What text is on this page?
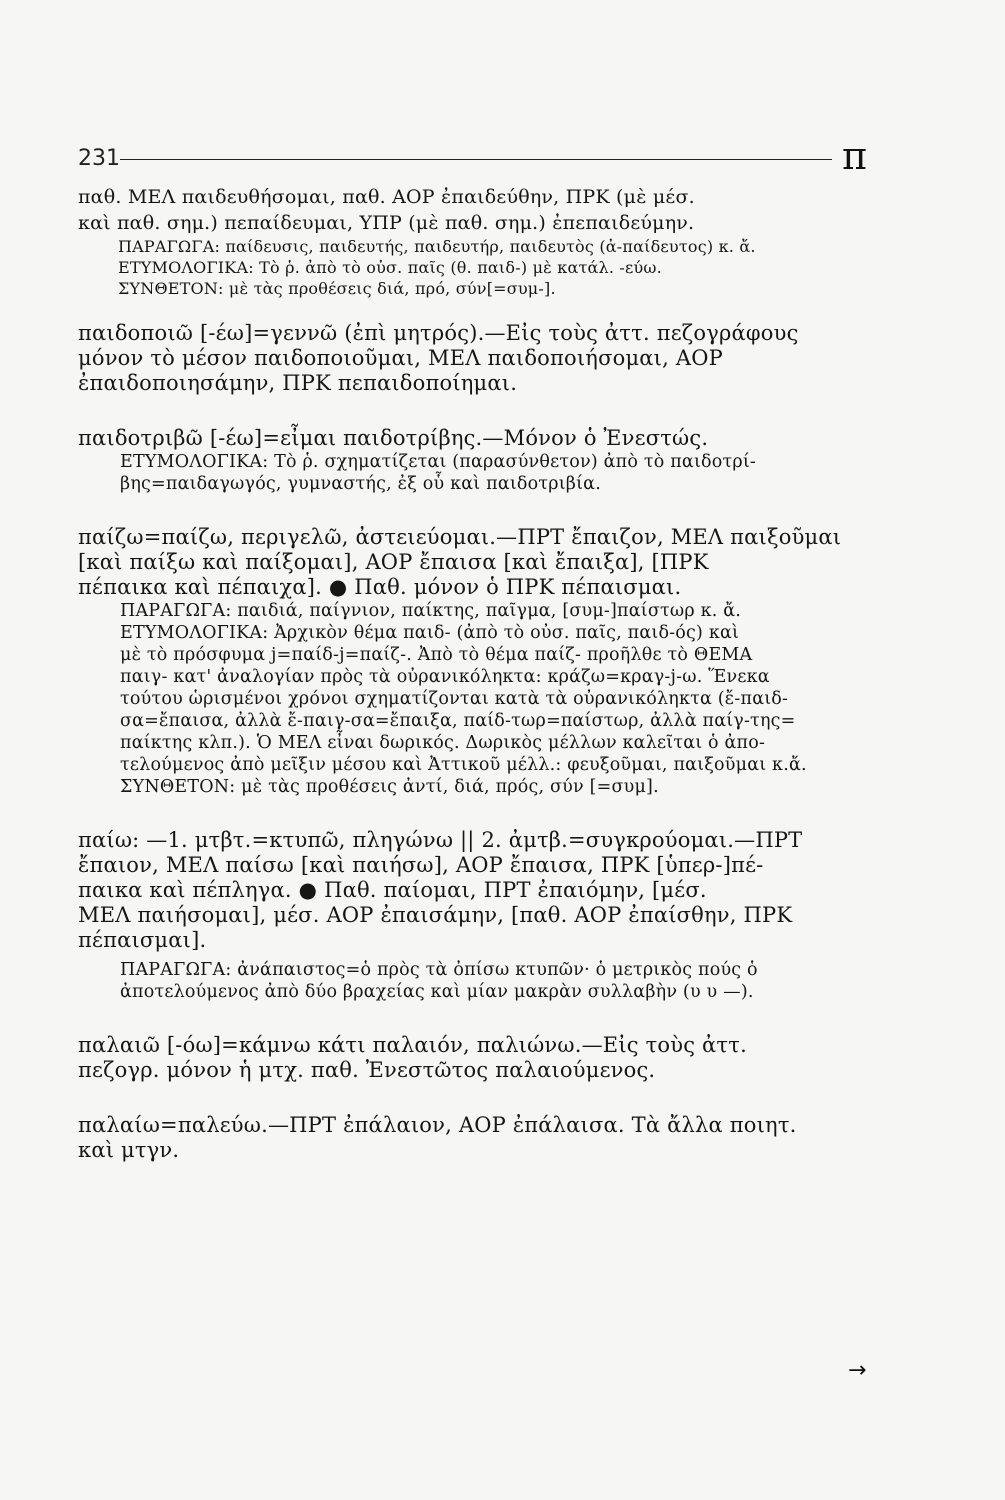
231	π
παθ. ΜΕΛ παιδευθήσομαι, παθ. ΑΟΡ ἐπαιδεύθην, ΠΡΚ (μὲ μέσ.
καὶ παθ. σημ.) πεπαίδευμαι, ΥΠΡ (μὲ παθ. σημ.) ἐπεπαιδεύμην.
ΠΑΡΑΓΩΓΑ: παίδευσις, παιδευτής, παιδευτήρ, παιδευτὸς (ἀ-παίδευτος) κ. ἄ.
ΕΤΥΜΟΛΟΓΙΚΑ: Τὸ ῥ. ἀπὸ τὸ οὐσ. παῖς (θ. παιδ-) μὲ κατάλ. -εύω.
ΣΥΝΘΕΤΟΝ: μὲ τὰς προθέσεις διά, πρό, σύν[=συμ-].
παιδοποιῶ [-έω]=γεννῶ (ἐπὶ μητρός).—Εἰς τοὺς ἀττ. πεζογράφους
μόνον τὸ μέσον παιδοποιοῦμαι, ΜΕΛ παιδοποιήσομαι, ΑΟΡ
ἐπαιδοποιησάμην, ΠΡΚ πεπαιδοποίημαι.
παιδοτριβῶ [-έω]=εἶμαι παιδοτρίβης.—Μόνον ὁ Ἐνεστώς.
ΕΤΥΜΟΛΟΓΙΚΑ: Τὸ ῥ. σχηματίζεται (παρασύνθετον) ἀπὸ τὸ παιδοτρί-
βης=παιδαγωγός, γυμναστής, ἐξ οὗ καὶ παιδοτριβία.
παίζω=παίζω, περιγελῶ, ἀστειεύομαι.—ΠΡΤ ἔπαιζον, ΜΕΛ παιξοῦμαι
[καὶ παίξω καὶ παίξομαι], ΑΟΡ ἔπαισα [καὶ ἔπαιξα], [ΠΡΚ
πέπαικα καὶ πέπαιχα]. ● Παθ. μόνον ὁ ΠΡΚ πέπαισμαι.
ΠΑΡΑΓΩΓΑ: παιδιά, παίγνιον, παίκτης, παῖγμα, [συμ-]παίστωρ κ. ἄ.
ΕΤΥΜΟΛΟΓΙΚΑ: Ἀρχικὸν θέμα παιδ- (ἀπὸ τὸ οὐσ. παῖς, παιδ-ός) καὶ
μὲ τὸ πρόσφυμα j=παίδ-j=παίζ-. Ἀπὸ τὸ θέμα παίζ- προῆλθε τὸ ΘΕΜΑ
παιγ- κατ' ἀναλογίαν πρὸς τὰ οὐρανικόληκτα: κράζω=κραγ-j-ω. Ἕνεκα
τούτου ὡρισμένοι χρόνοι σχηματίζονται κατὰ τὰ οὐρανικόληκτα (ἔ-παιδ-
σα=ἔπαισα, ἀλλὰ ἔ-παιγ-σα=ἔπαιξα, παίδ-τωρ=παίστωρ, ἀλλὰ παίγ-της=
παίκτης κλπ.). Ὁ ΜΕΛ εἶναι δωρικός. Δωρικὸς μέλλων καλεῖται ὁ ἀπο-
τελούμενος ἀπὸ μεῖξιν μέσου καὶ Ἀττικοῦ μέλλ.: φευξοῦμαι, παιξοῦμαι κ.ἄ.
ΣΥΝΘΕΤΟΝ: μὲ τὰς προθέσεις ἀντί, διά, πρός, σύν [=συμ].
παίω: —1. μτβτ.=κτυπῶ, πληγώνω || 2. ἀμτβ.=συγκρούομαι.—ΠΡΤ
ἔπαιον, ΜΕΛ παίσω [καὶ παιήσω], ΑΟΡ ἔπαισα, ΠΡΚ [ὑπερ-]πέ-
παικα καὶ πέπληγα. ● Παθ. παίομαι, ΠΡΤ ἐπαιόμην, [μέσ.
ΜΕΛ παιήσομαι], μέσ. ΑΟΡ ἐπαισάμην, [παθ. ΑΟΡ ἐπαίσθην, ΠΡΚ
πέπαισμαι].
ΠΑΡΑΓΩΓΑ: ἀνάπαιστος=ὁ πρὸς τὰ ὀπίσω κτυπῶν· ὁ μετρικὸς πούς ὁ
ἀποτελούμενος ἀπὸ δύο βραχείας καὶ μίαν μακρὰν συλλαβὴν (υ υ —).
παλαιῶ [-όω]=κάμνω κάτι παλαιόν, παλιώνω.—Εἰς τοὺς ἀττ.
πεζογρ. μόνον ἡ μτχ. παθ. Ἐνεστῶτος παλαιούμενος.
παλαίω=παλεύω.—ΠΡΤ ἐπάλαιον, ΑΟΡ ἐπάλαισα. Τὰ ἄλλα ποιητ.
καὶ μτγν.
→
